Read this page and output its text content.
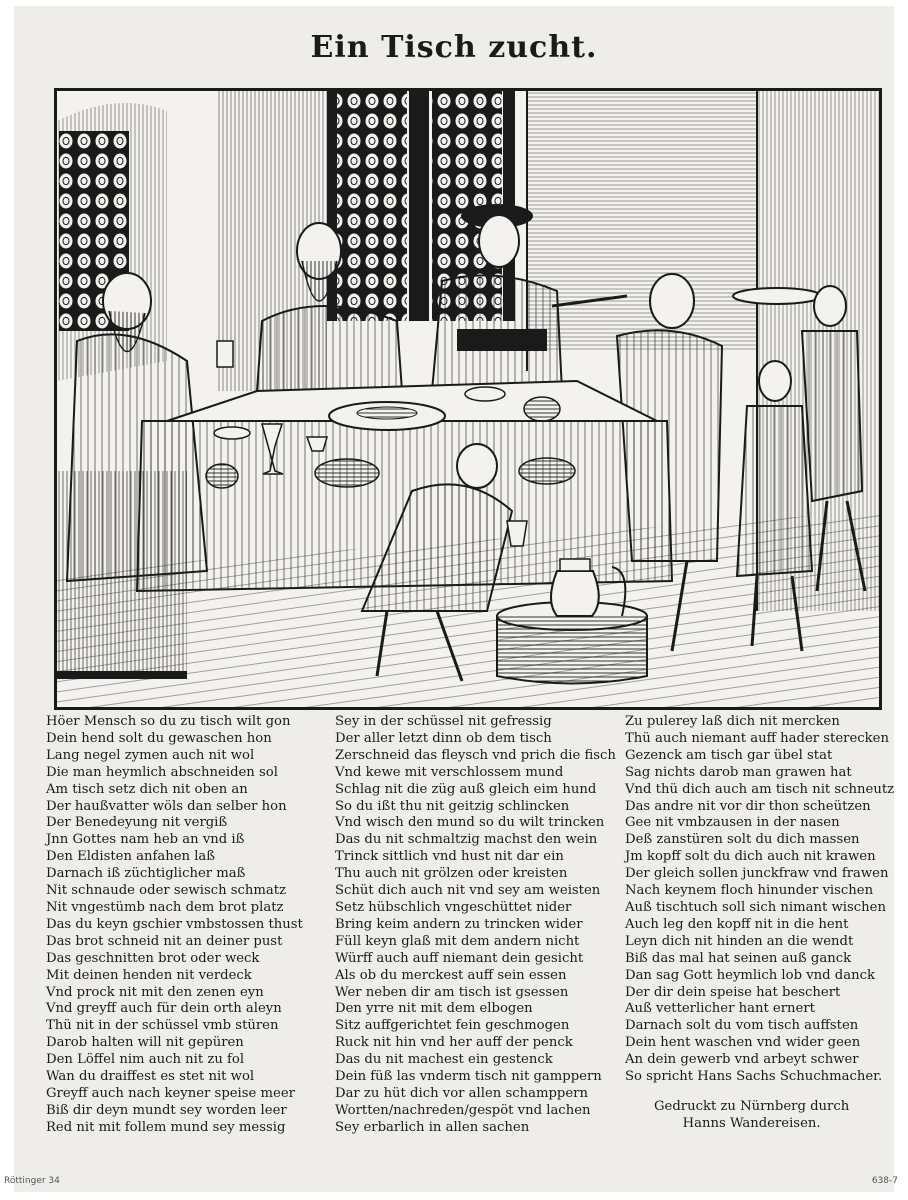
Ein Tisch zucht.
Höer Mensch so du zu tisch wilt gon
Dein hend solt du gewaschen hon
Lang negel zymen auch nit wol
Die man heymlich abschneiden sol
Am tisch setz dich nit oben an
Der haußvatter wöls dan selber hon
Der Benedeyung nit vergiß
Jnn Gottes nam heb an vnd iß
Den Eldisten anfahen laß
Darnach iß züchtiglicher maß
Nit schnaude oder sewisch schmatz
Nit vngestümb nach dem brot platz
Das du keyn gschier vmbstossen thust
Das brot schneid nit an deiner pust
Das geschnitten brot oder weck
Mit deinen henden nit verdeck
Vnd prock nit mit den zenen eyn
Vnd greyff auch für dein orth aleyn
Thü nit in der schüssel vmb stüren
Darob halten will nit gepüren
Den Löffel nim auch nit zu fol
Wan du draiffest es stet nit wol
Greyff auch nach keyner speise meer
Biß dir deyn mundt sey worden leer
Red nit mit follem mund sey messig
Sey in der schüssel nit gefressig
Der aller letzt dinn ob dem tisch
Zerschneid das fleysch vnd prich die fisch
Vnd kewe mit verschlossem mund
Schlag nit die züg auß gleich eim hund
So du ißt thu nit geitzig schlincken
Vnd wisch den mund so du wilt trincken
Das du nit schmaltzig machst den wein
Trinck sittlich vnd hust nit dar ein
Thu auch nit grölzen oder kreisten
Schüt dich auch nit vnd sey am weisten
Setz hübschlich vngeschüttet nider
Bring keim andern zu trincken wider
Füll keyn glaß mit dem andern nicht
Würff auch auff niemant dein gesicht
Als ob du merckest auff sein essen
Wer neben dir am tisch ist gsessen
Den yrre nit mit dem elbogen
Sitz auffgerichtet fein geschmogen
Ruck nit hin vnd her auff der penck
Das du nit machest ein gestenck
Dein füß las vnderm tisch nit gamppern
Dar zu hüt dich vor allen schamppern
Wortten/nachreden/gespöt vnd lachen
Sey erbarlich in allen sachen
Zu pulerey laß dich nit mercken
Thü auch niemant auff hader sterecken
Gezenck am tisch gar übel stat
Sag nichts darob man grawen hat
Vnd thü dich auch am tisch nit schneutz
Das andre nit vor dir thon scheützen
Gee nit vmbzausen in der nasen
Deß zanstüren solt du dich massen
Jm kopff solt du dich auch nit krawen
Der gleich sollen junckfraw vnd frawen
Nach keynem floch hinunder vischen
Auß tischtuch soll sich nimant wischen
Auch leg den kopff nit in die hent
Leyn dich nit hinden an die wendt
Biß das mal hat seinen auß ganck
Dan sag Gott heymlich lob vnd danck
Der dir dein speise hat beschert
Auß vetterlicher hant ernert
Darnach solt du vom tisch auffsten
Dein hent waschen vnd wider geen
An dein gewerb vnd arbeyt schwer
So spricht Hans Sachs Schuchmacher.
Gedruckt zu Nürnberg durch
Hanns Wandereisen.
Röttinger 34	638-7
